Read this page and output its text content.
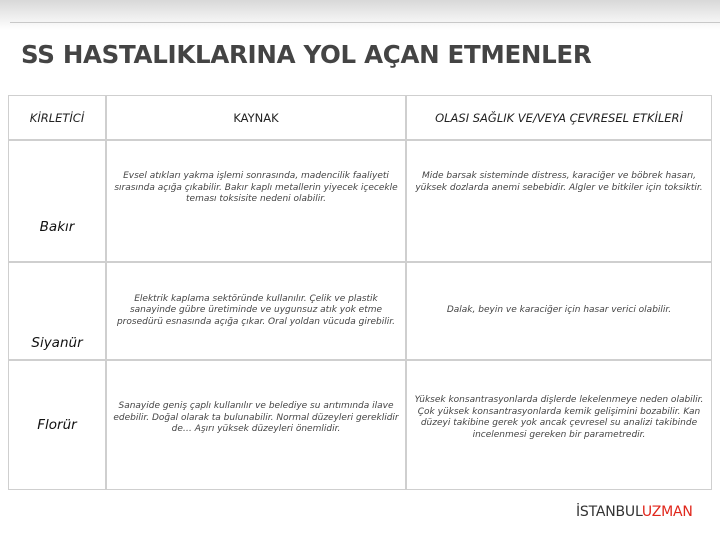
SS HASTALIKLARINA YOL AÇAN ETMENLER
KİRLETİCİ	KAYNAK	OLASI SAĞLIK VE/VEYA ÇEVRESEL ETKİLERİ
Bakır	Evsel atıkları yakma işlemi sonrasında, madencilik faaliyeti sırasında açığa çıkabilir. Bakır kaplı metallerin yiyecek içecekle teması toksisite nedeni olabilir.	Mide barsak sisteminde distress, karaciğer ve böbrek hasarı, yüksek dozlarda anemi sebebidir. Algler ve bitkiler için toksiktir.
Siyanür	Elektrik kaplama sektöründe kullanılır. Çelik ve plastik sanayinde gübre üretiminde ve uygunsuz atık yok etme prosedürü esnasında açığa çıkar. Oral yoldan vücuda girebilir.	Dalak, beyin ve karaciğer için hasar verici olabilir.
Florür	Sanayide geniş çaplı kullanılır ve belediye su arıtımında ilave edebilir. Doğal olarak ta bulunabilir. Normal düzeyleri gereklidir de… Aşırı yüksek düzeyleri önemlidir.	Yüksek konsantrasyonlarda dişlerde lekelenmeye neden olabilir. Çok yüksek konsantrasyonlarda kemik gelişimini bozabilir. Kan düzeyi takibine gerek yok ancak çevresel su analizi takibinde incelenmesi gereken bir parametredir.
İSTANBULUZMAN
